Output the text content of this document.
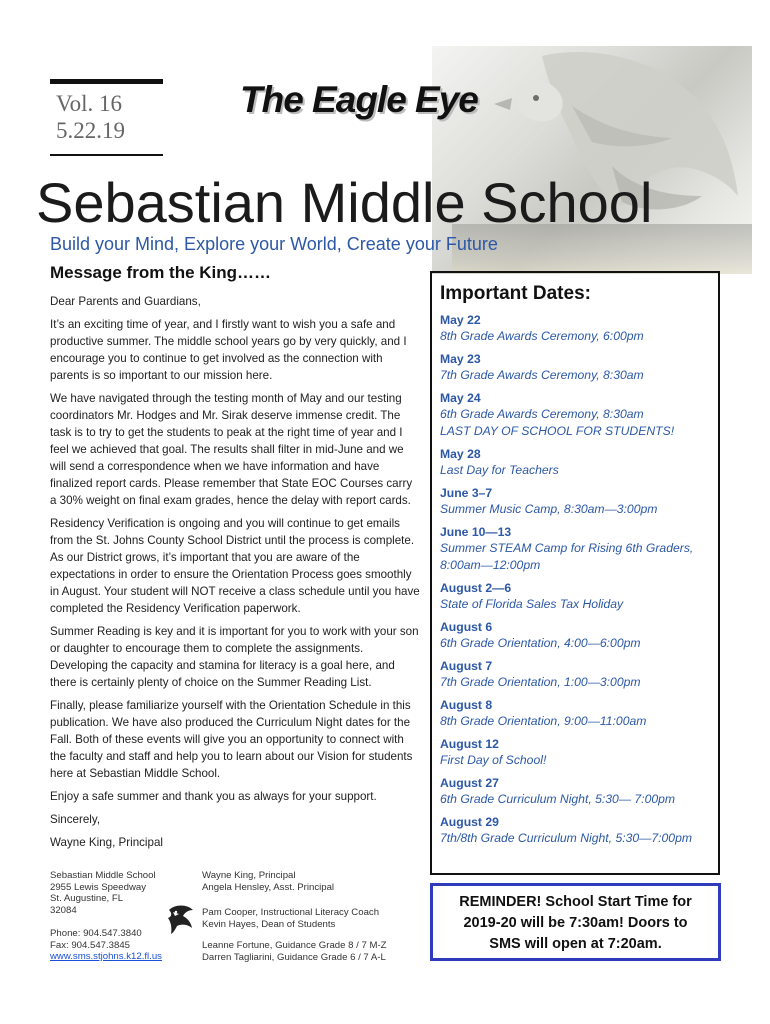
Vol. 16
5.22.19
The Eagle Eye
Sebastian Middle School
Build your Mind, Explore your World, Create your Future
Message from the King……

Dear Parents and Guardians,

It’s an exciting time of year, and I firstly want to wish you a safe and productive summer. The middle school years go by very quickly, and I encourage you to continue to get involved as the connection with parents is so important to our mission here.

We have navigated through the testing month of May and our testing coordinators Mr. Hodges and Mr. Sirak deserve immense credit. The task is to try to get the students to peak at the right time of year and I feel we achieved that goal. The results shall filter in mid-June and we will send a correspondence when we have information and have finalized report cards. Please remember that State EOC Courses carry a 30% weight on final exam grades, hence the delay with report cards.

Residency Verification is ongoing and you will continue to get emails from the St. Johns County School District until the process is complete. As our District grows, it’s important that you are aware of the expectations in order to ensure the Orientation Process goes smoothly in August. Your student will NOT receive a class schedule until you have completed the Residency Verification paperwork.

Summer Reading is key and it is important for you to work with your son or daughter to encourage them to complete the assignments. Developing the capacity and stamina for literacy is a goal here, and there is certainly plenty of choice on the Summer Reading List.

Finally, please familiarize yourself with the Orientation Schedule in this publication. We have also produced the Curriculum Night dates for the Fall. Both of these events will give you an opportunity to connect with the faculty and staff and help you to learn about our Vision for students here at Sebastian Middle School.

Enjoy a safe summer and thank you as always for your support.

Sincerely,

Wayne King, Principal

Sebastian Middle School
2955 Lewis Speedway
St. Augustine, FL
32084
Phone: 904.547.3840
Fax: 904.547.3845
www.sms.stjohns.k12.fl.us
Wayne King, Principal
Angela Hensley, Asst. Principal
Pam Cooper, Instructional Literacy Coach
Kevin Hayes, Dean of Students
Leanne Fortune, Guidance Grade 8 / 7 M-Z
Darren Tagliarini, Guidance Grade 6 / 7 A-L
Important Dates:
May 22
8th Grade Awards Ceremony, 6:00pm
May 23
7th Grade Awards Ceremony, 8:30am
May 24
6th Grade Awards Ceremony, 8:30am
LAST DAY OF SCHOOL FOR STUDENTS!
May 28
Last Day for Teachers
June 3–7
Summer Music Camp, 8:30am—3:00pm
June 10—13
Summer STEAM Camp for Rising 6th Graders,
8:00am—12:00pm
August 2—6
State of Florida Sales Tax Holiday
August 6
6th Grade Orientation, 4:00—6:00pm
August 7
7th Grade Orientation, 1:00—3:00pm
August 8
8th Grade Orientation, 9:00—11:00am
August 12
First Day of School!
August 27
6th Grade Curriculum Night, 5:30— 7:00pm
August 29
7th/8th Grade Curriculum Night, 5:30—7:00pm
REMINDER! School Start Time for
2019-20 will be 7:30am! Doors to
SMS will open at 7:20am.
